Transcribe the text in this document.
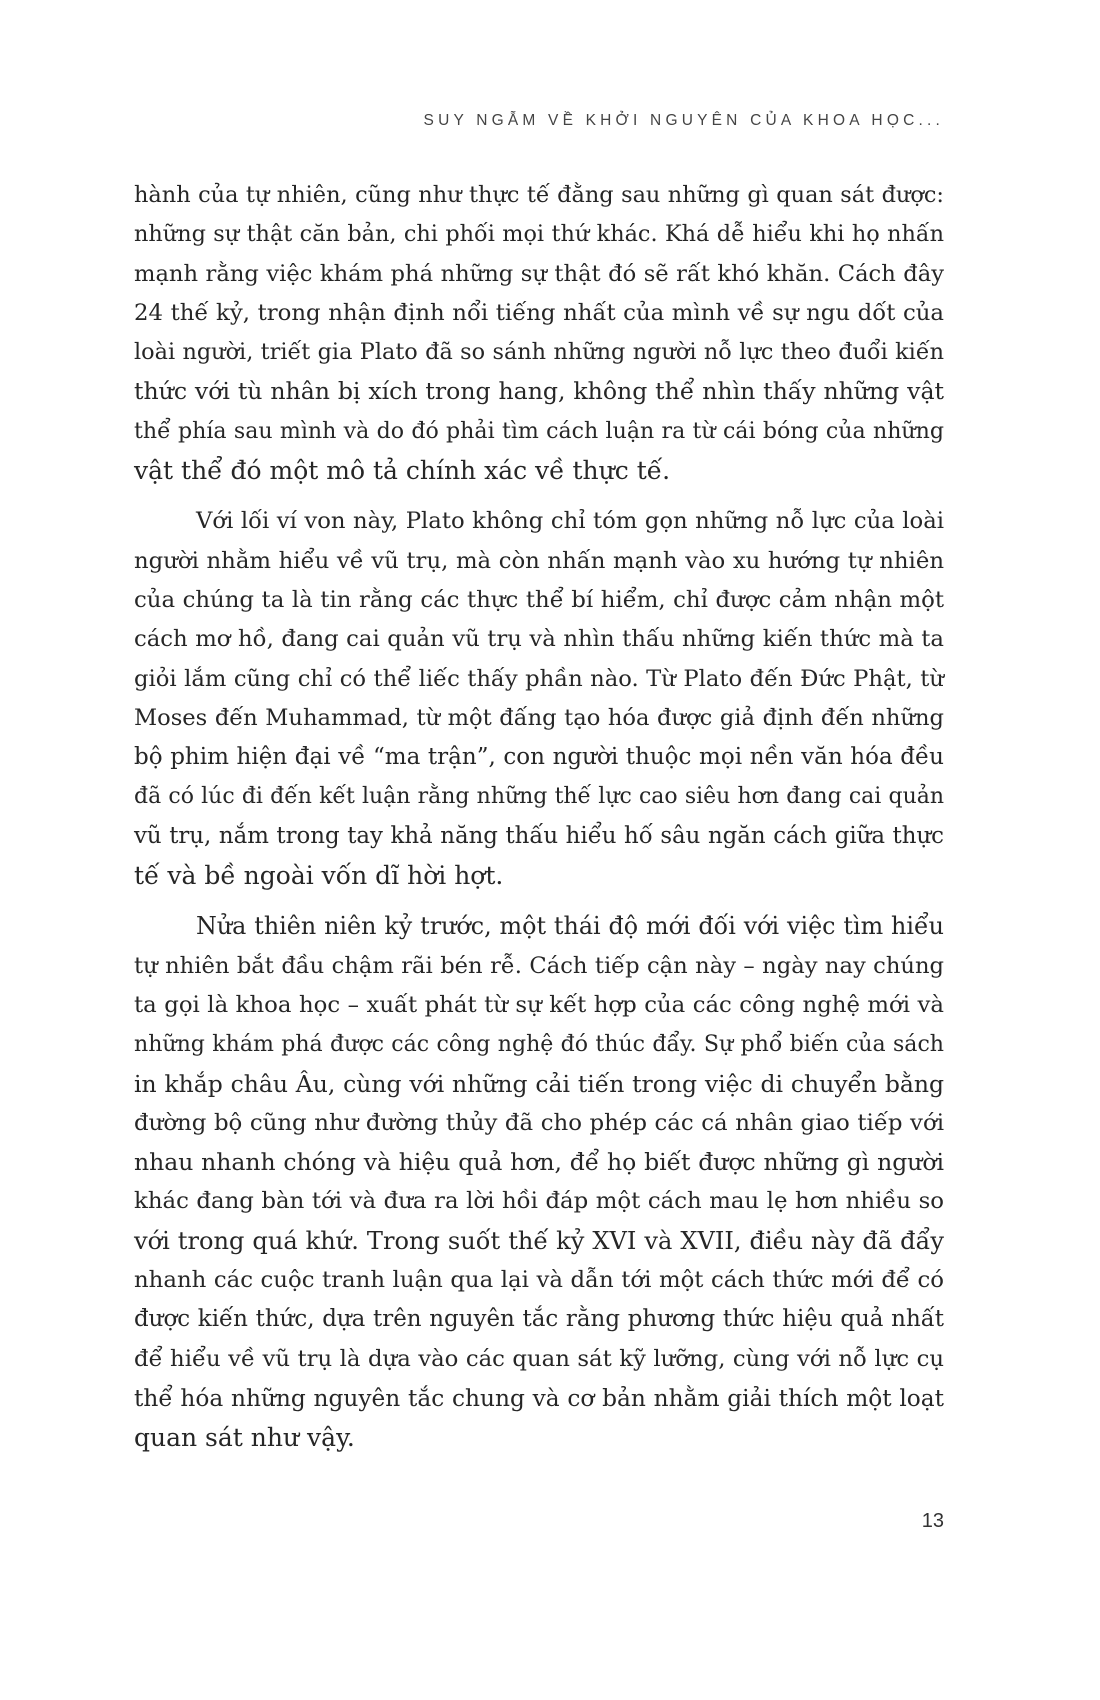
SUY NGẪM VỀ KHỞI NGUYÊN CỦA KHOA HỌC...

hành của tự nhiên, cũng như thực tế đằng sau những gì quan sát được:
những sự thật căn bản, chi phối mọi thứ khác. Khá dễ hiểu khi họ nhấn
mạnh rằng việc khám phá những sự thật đó sẽ rất khó khăn. Cách đây
24 thế kỷ, trong nhận định nổi tiếng nhất của mình về sự ngu dốt của
loài người, triết gia Plato đã so sánh những người nỗ lực theo đuổi kiến
thức với tù nhân bị xích trong hang, không thể nhìn thấy những vật
thể phía sau mình và do đó phải tìm cách luận ra từ cái bóng của những
vật thể đó một mô tả chính xác về thực tế.

Với lối ví von này, Plato không chỉ tóm gọn những nỗ lực của loài
người nhằm hiểu về vũ trụ, mà còn nhấn mạnh vào xu hướng tự nhiên
của chúng ta là tin rằng các thực thể bí hiểm, chỉ được cảm nhận một
cách mơ hồ, đang cai quản vũ trụ và nhìn thấu những kiến thức mà ta
giỏi lắm cũng chỉ có thể liếc thấy phần nào. Từ Plato đến Đức Phật, từ
Moses đến Muhammad, từ một đấng tạo hóa được giả định đến những
bộ phim hiện đại về “ma trận”, con người thuộc mọi nền văn hóa đều
đã có lúc đi đến kết luận rằng những thế lực cao siêu hơn đang cai quản
vũ trụ, nắm trong tay khả năng thấu hiểu hố sâu ngăn cách giữa thực
tế và bề ngoài vốn dĩ hời hợt.

Nửa thiên niên kỷ trước, một thái độ mới đối với việc tìm hiểu
tự nhiên bắt đầu chậm rãi bén rễ. Cách tiếp cận này – ngày nay chúng
ta gọi là khoa học – xuất phát từ sự kết hợp của các công nghệ mới và
những khám phá được các công nghệ đó thúc đẩy. Sự phổ biến của sách
in khắp châu Âu, cùng với những cải tiến trong việc di chuyển bằng
đường bộ cũng như đường thủy đã cho phép các cá nhân giao tiếp với
nhau nhanh chóng và hiệu quả hơn, để họ biết được những gì người
khác đang bàn tới và đưa ra lời hồi đáp một cách mau lẹ hơn nhiều so
với trong quá khứ. Trong suốt thế kỷ XVI và XVII, điều này đã đẩy
nhanh các cuộc tranh luận qua lại và dẫn tới một cách thức mới để có
được kiến thức, dựa trên nguyên tắc rằng phương thức hiệu quả nhất
để hiểu về vũ trụ là dựa vào các quan sát kỹ lưỡng, cùng với nỗ lực cụ
thể hóa những nguyên tắc chung và cơ bản nhằm giải thích một loạt
quan sát như vậy.

13
